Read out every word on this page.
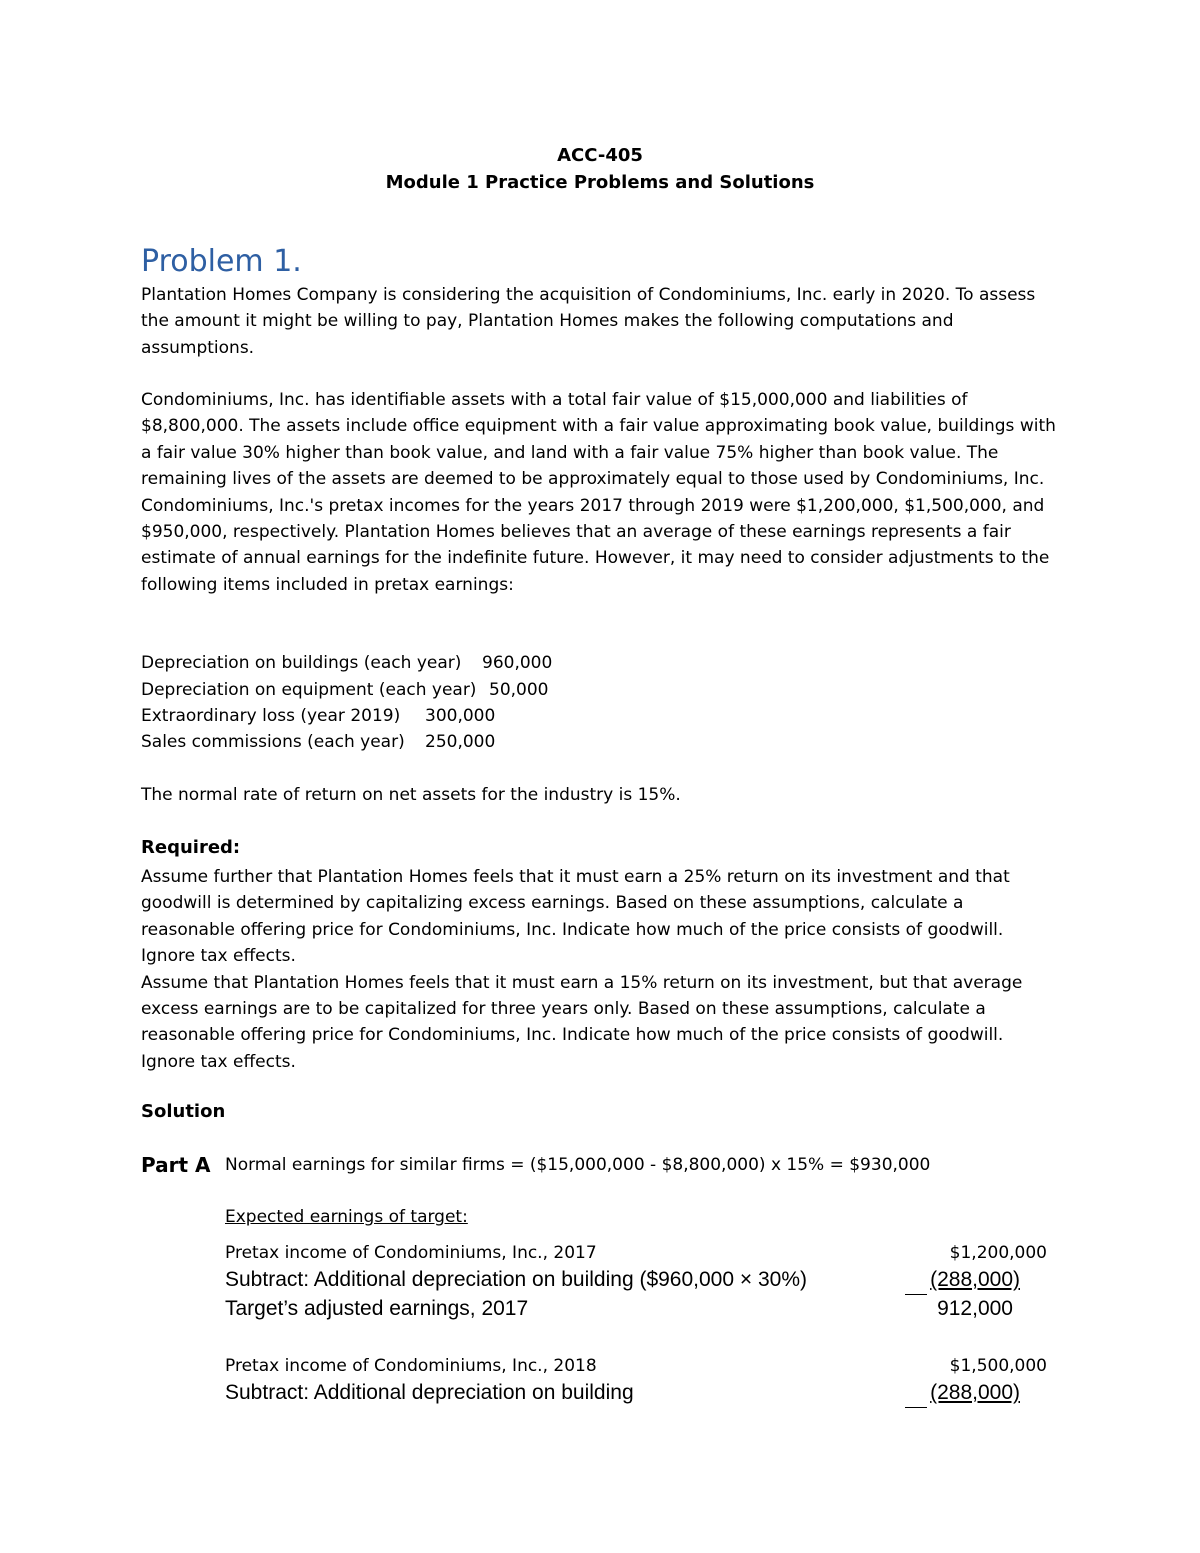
ACC-405
Module 1 Practice Problems and Solutions
Problem 1.

Plantation Homes Company is considering the acquisition of Condominiums, Inc. early in 2020. To assess the amount it might be willing to pay, Plantation Homes makes the following computations and assumptions.

Condominiums, Inc. has identifiable assets with a total fair value of $15,000,000 and liabilities of $8,800,000. The assets include office equipment with a fair value approximating book value, buildings with a fair value 30% higher than book value, and land with a fair value 75% higher than book value. The remaining lives of the assets are deemed to be approximately equal to those used by Condominiums, Inc.

Condominiums, Inc.'s pretax incomes for the years 2017 through 2019 were $1,200,000, $1,500,000, and $950,000, respectively. Plantation Homes believes that an average of these earnings represents a fair estimate of annual earnings for the indefinite future. However, it may need to consider adjustments to the following items included in pretax earnings:

Depreciation on buildings (each year) 960,000
Depreciation on equipment (each year) 50,000
Extraordinary loss (year 2019) 300,000
Sales commissions (each year) 250,000
The normal rate of return on net assets for the industry is 15%.
Required:

Assume further that Plantation Homes feels that it must earn a 25% return on its investment and that goodwill is determined by capitalizing excess earnings. Based on these assumptions, calculate a reasonable offering price for Condominiums, Inc. Indicate how much of the price consists of goodwill. Ignore tax effects.

Assume that Plantation Homes feels that it must earn a 15% return on its investment, but that average excess earnings are to be capitalized for three years only. Based on these assumptions, calculate a reasonable offering price for Condominiums, Inc. Indicate how much of the price consists of goodwill. Ignore tax effects.

Solution
Part A Normal earnings for similar firms = ($15,000,000 - $8,800,000) x 15% = $930,000
Expected earnings of target:
Pretax income of Condominiums, Inc., 2017	$1,200,000
Subtract: Additional depreciation on building ($960,000 × 30%)	(288,000)
Target’s adjusted earnings, 2017	912,000
Pretax income of Condominiums, Inc., 2018	$1,500,000
Subtract: Additional depreciation on building	(288,000)
